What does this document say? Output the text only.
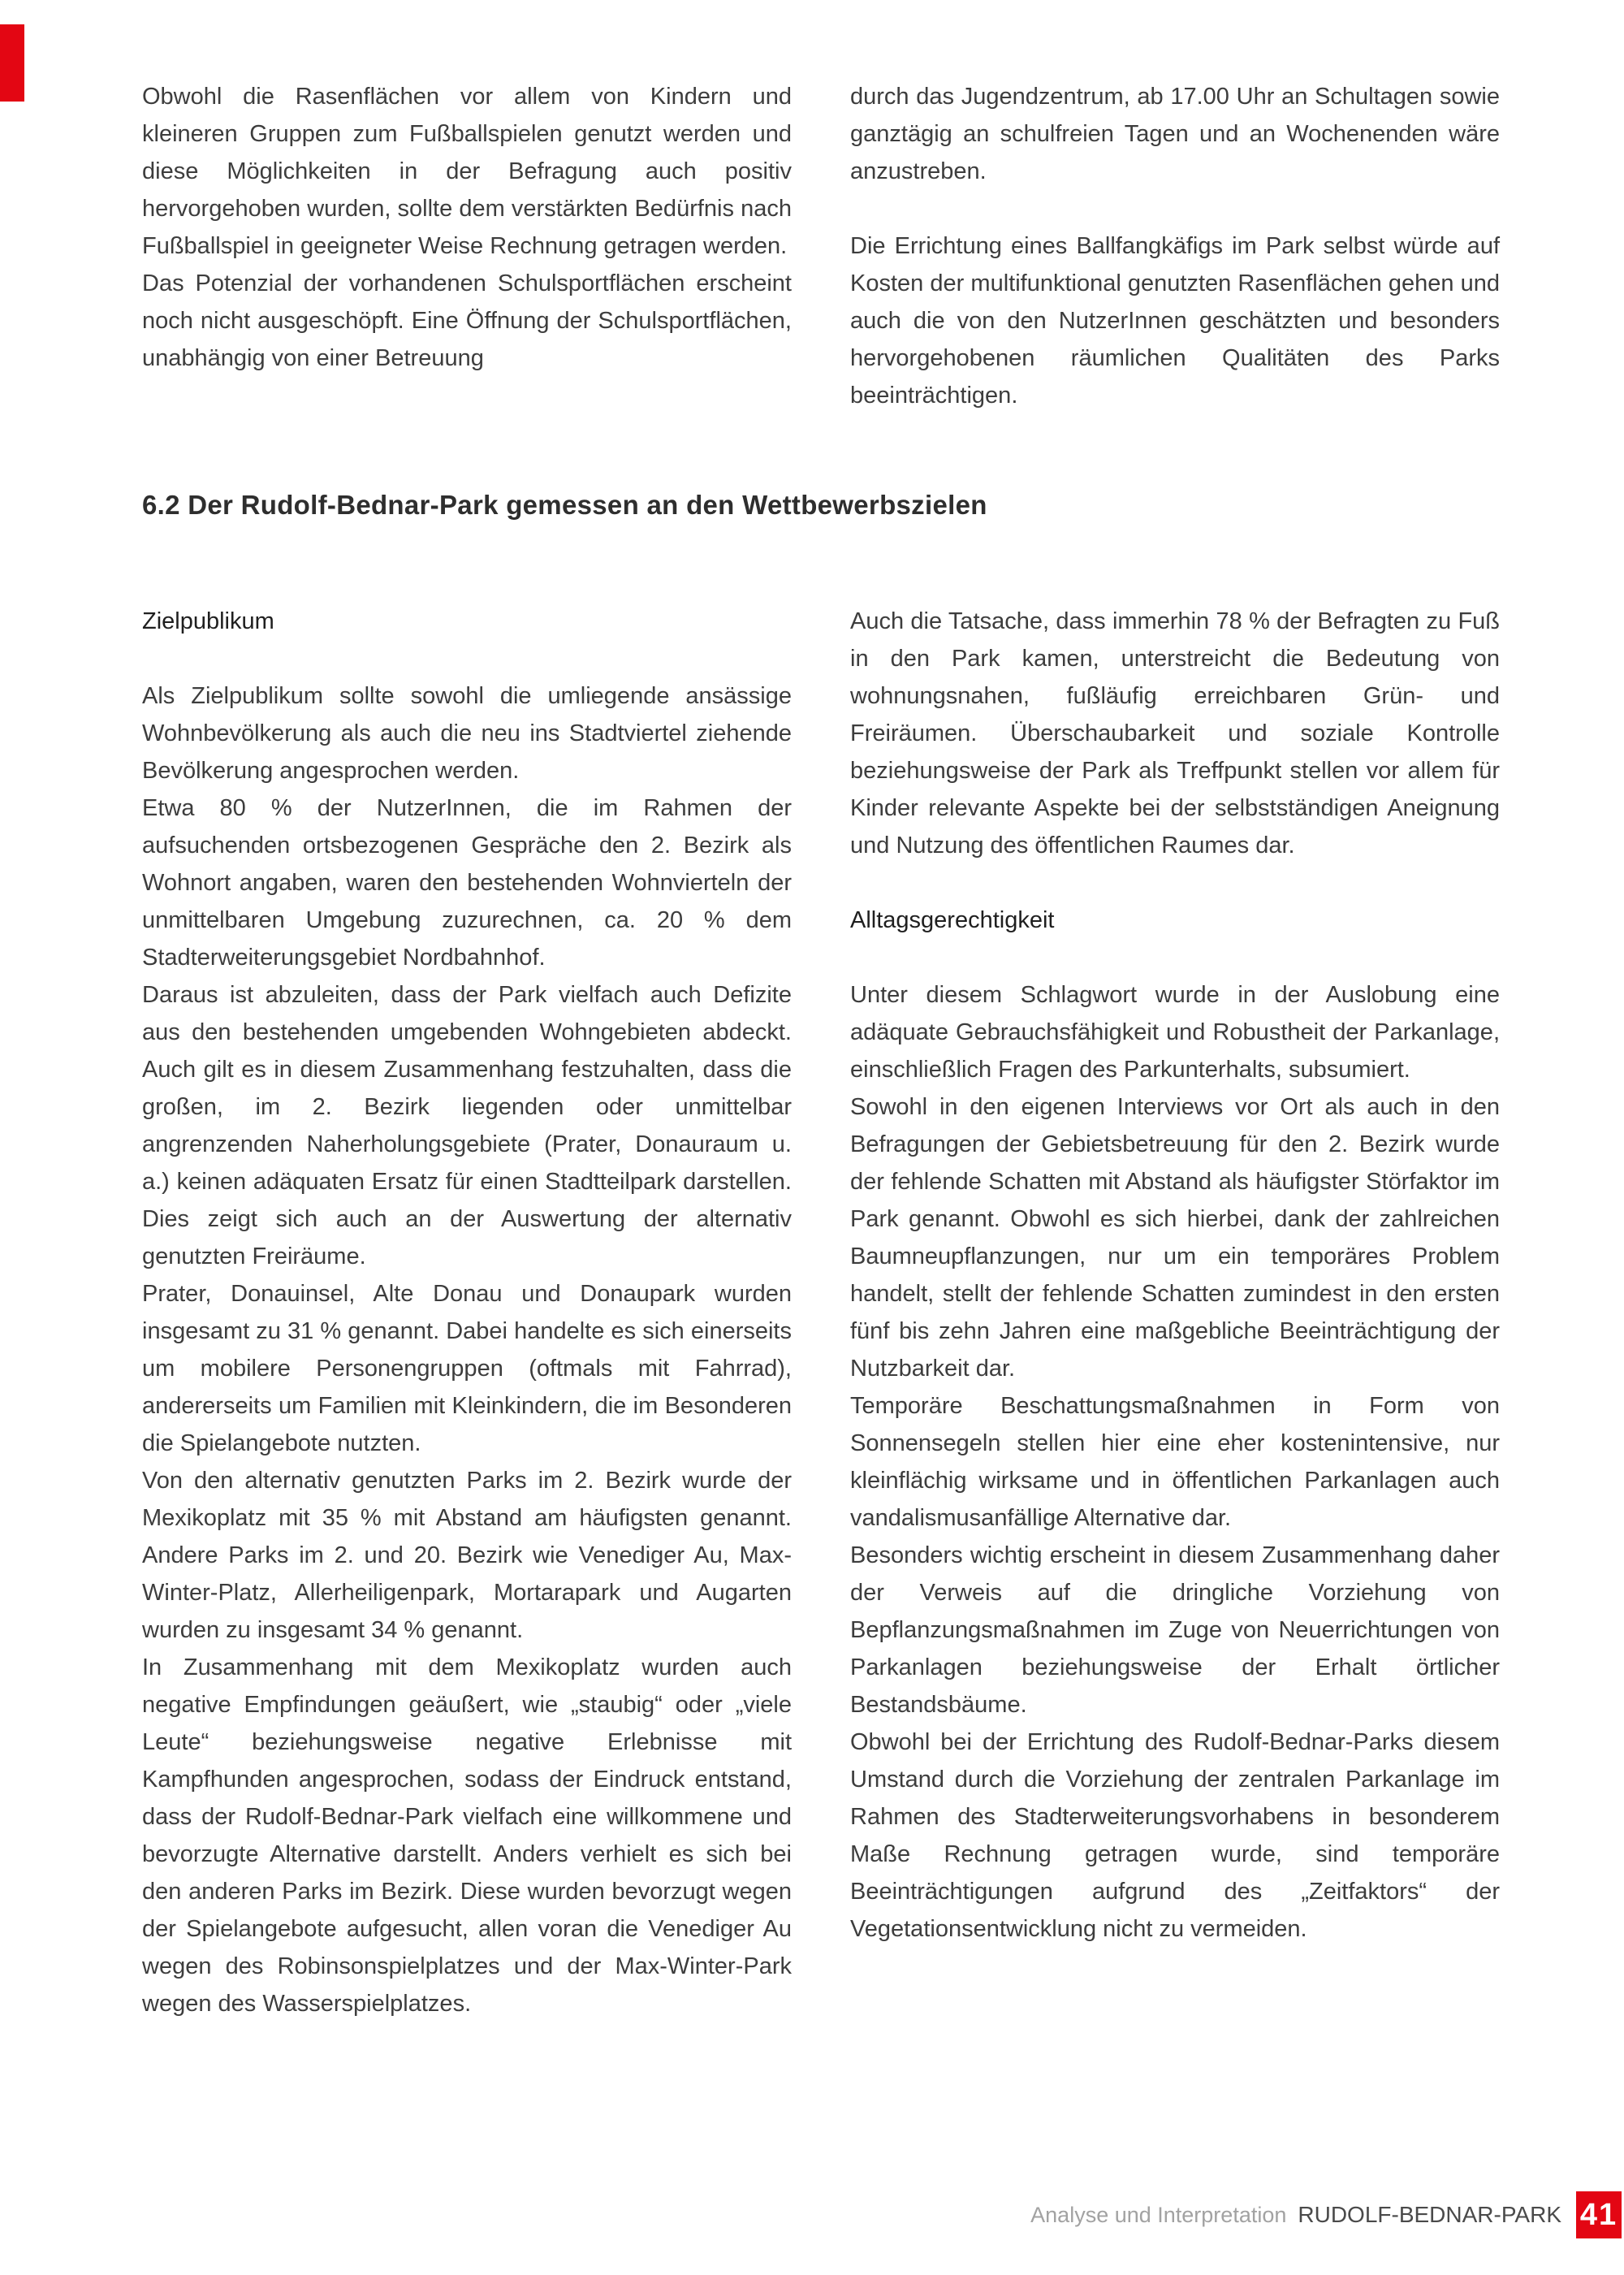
Obwohl die Rasenflächen vor allem von Kindern und kleineren Gruppen zum Fußballspielen genutzt werden und diese Möglichkeiten in der Befragung auch positiv hervorgehoben wurden, sollte dem verstärkten Bedürfnis nach Fußballspiel in geeigneter Weise Rechnung getragen werden.

Das Potenzial der vorhandenen Schulsportflächen erscheint noch nicht ausgeschöpft. Eine Öffnung der Schulsportflächen, unabhängig von einer Betreuung

durch das Jugendzentrum, ab 17.00 Uhr an Schultagen sowie ganztägig an schulfreien Tagen und an Wochenenden wäre anzustreben.

Die Errichtung eines Ballfangkäfigs im Park selbst würde auf Kosten der multifunktional genutzten Rasenflächen gehen und auch die von den NutzerInnen geschätzten und besonders hervorgehobenen räumlichen Qualitäten des Parks beeinträchtigen.

6.2 Der Rudolf-Bednar-Park gemessen an den Wettbewerbszielen
Zielpublikum

Als Zielpublikum sollte sowohl die umliegende ansässige Wohnbevölkerung als auch die neu ins Stadtviertel ziehende Bevölkerung angesprochen werden.

Etwa 80 % der NutzerInnen, die im Rahmen der aufsuchenden ortsbezogenen Gespräche den 2. Bezirk als Wohnort angaben, waren den bestehenden Wohnvierteln der unmittelbaren Umgebung zuzurechnen, ca. 20 % dem Stadterweiterungsgebiet Nordbahnhof.

Daraus ist abzuleiten, dass der Park vielfach auch Defizite aus den bestehenden umgebenden Wohngebieten abdeckt. Auch gilt es in diesem Zusammenhang festzuhalten, dass die großen, im 2. Bezirk liegenden oder unmittelbar angrenzenden Naherholungsgebiete (Prater, Donauraum u. a.) keinen adäquaten Ersatz für einen Stadtteilpark darstellen. Dies zeigt sich auch an der Auswertung der alternativ genutzten Freiräume.

Prater, Donauinsel, Alte Donau und Donaupark wurden insgesamt zu 31 % genannt. Dabei handelte es sich einerseits um mobilere Personengruppen (oftmals mit Fahrrad), andererseits um Familien mit Kleinkindern, die im Besonderen die Spielangebote nutzten.

Von den alternativ genutzten Parks im 2. Bezirk wurde der Mexikoplatz mit 35 % mit Abstand am häufigsten genannt. Andere Parks im 2. und 20. Bezirk wie Venediger Au, Max-Winter-Platz, Allerheiligenpark, Mortarapark und Augarten wurden zu insgesamt 34 % genannt.

In Zusammenhang mit dem Mexikoplatz wurden auch negative Empfindungen geäußert, wie „staubig“ oder „viele Leute“ beziehungsweise negative Erlebnisse mit Kampfhunden angesprochen, sodass der Eindruck entstand, dass der Rudolf-Bednar-Park vielfach eine willkommene und bevorzugte Alternative darstellt. Anders verhielt es sich bei den anderen Parks im Bezirk. Diese wurden bevorzugt wegen der Spielangebote aufgesucht, allen voran die Venediger Au wegen des Robinsonspielplatzes und der Max-Winter-Park wegen des Wasserspielplatzes.

Auch die Tatsache, dass immerhin 78 % der Befragten zu Fuß in den Park kamen, unterstreicht die Bedeutung von wohnungsnahen, fußläufig erreichbaren Grün- und Freiräumen. Überschaubarkeit und soziale Kontrolle beziehungsweise der Park als Treffpunkt stellen vor allem für Kinder relevante Aspekte bei der selbstständigen Aneignung und Nutzung des öffentlichen Raumes dar.

Alltagsgerechtigkeit

Unter diesem Schlagwort wurde in der Auslobung eine adäquate Gebrauchsfähigkeit und Robustheit der Parkanlage, einschließlich Fragen des Parkunterhalts, subsumiert.

Sowohl in den eigenen Interviews vor Ort als auch in den Befragungen der Gebietsbetreuung für den 2. Bezirk wurde der fehlende Schatten mit Abstand als häufigster Störfaktor im Park genannt. Obwohl es sich hierbei, dank der zahlreichen Baumneupflanzungen, nur um ein temporäres Problem handelt, stellt der fehlende Schatten zumindest in den ersten fünf bis zehn Jahren eine maßgebliche Beeinträchtigung der Nutzbarkeit dar.

Temporäre Beschattungsmaßnahmen in Form von Sonnensegeln stellen hier eine eher kostenintensive, nur kleinflächig wirksame und in öffentlichen Parkanlagen auch vandalismusanfällige Alternative dar.

Besonders wichtig erscheint in diesem Zusammenhang daher der Verweis auf die dringliche Vorziehung von Bepflanzungsmaßnahmen im Zuge von Neuerrichtungen von Parkanlagen beziehungsweise der Erhalt örtlicher Bestandsbäume.

Obwohl bei der Errichtung des Rudolf-Bednar-Parks diesem Umstand durch die Vorziehung der zentralen Parkanlage im Rahmen des Stadterweiterungsvorhabens in besonderem Maße Rechnung getragen wurde, sind temporäre Beeinträchtigungen aufgrund des „Zeitfaktors“ der Vegetationsentwicklung nicht zu vermeiden.

Analyse und Interpretation RUDOLF-BEDNAR-PARK 41
